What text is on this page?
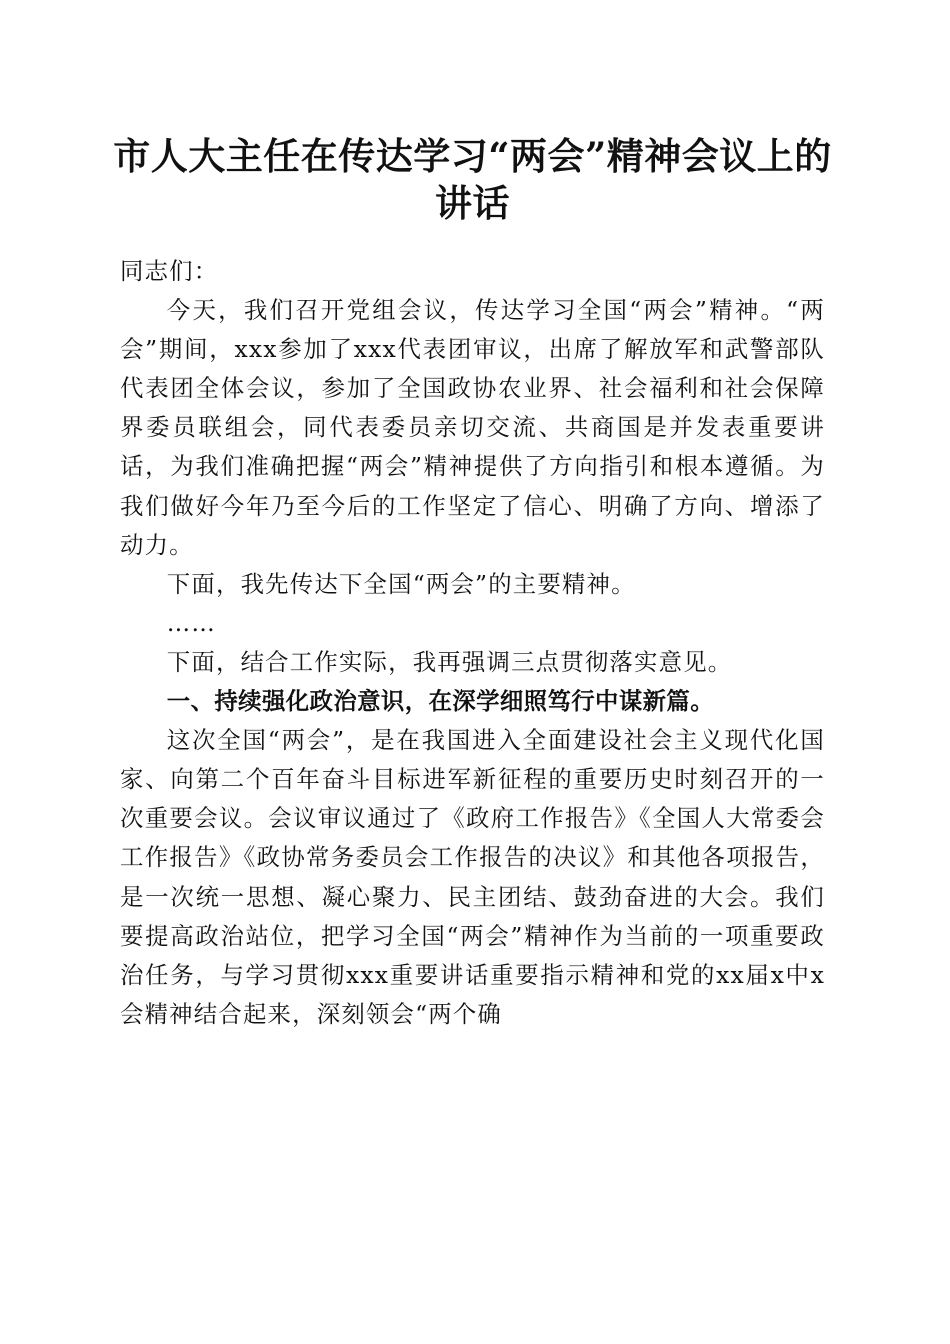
市人大主任在传达学习“两会”精神会议上的
讲话

同志们：

今天，我们召开党组会议，传达学习全国“两会”精神。“两会”期间，xxx参加了xxx代表团审议，出席了解放军和武警部队代表团全体会议，参加了全国政协农业界、社会福利和社会保障界委员联组会，同代表委员亲切交流、共商国是并发表重要讲话，为我们准确把握“两会”精神提供了方向指引和根本遵循。为我们做好今年乃至今后的工作坚定了信心、明确了方向、增添了动力。

下面，我先传达下全国“两会”的主要精神。

……

下面，结合工作实际，我再强调三点贯彻落实意见。

一、持续强化政治意识，在深学细照笃行中谋新篇。

这次全国“两会”，是在我国进入全面建设社会主义现代化国家、向第二个百年奋斗目标进军新征程的重要历史时刻召开的一次重要会议。会议审议通过了《政府工作报告》《全国人大常委会工作报告》《政协常务委员会工作报告的决议》和其他各项报告，是一次统一思想、凝心聚力、民主团结、鼓劲奋进的大会。我们要提高政治站位，把学习全国“两会”精神作为当前的一项重要政治任务，与学习贯彻xxx重要讲话重要指示精神和党的xx届x中x会精神结合起来，深刻领会“两个确
